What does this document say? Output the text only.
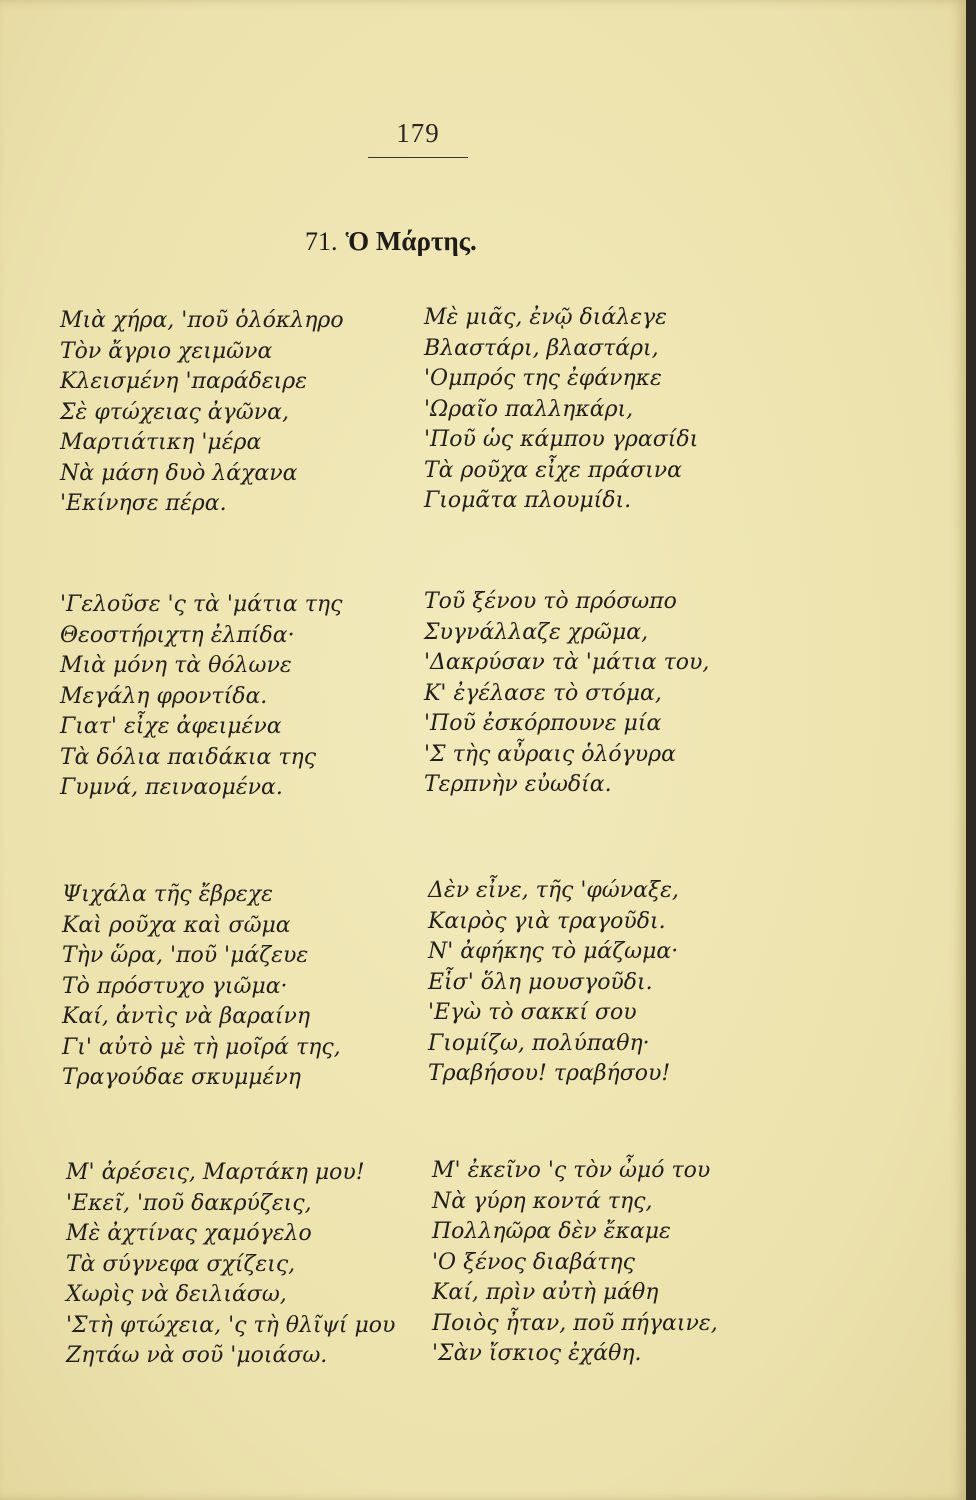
179
71. Ὁ Μάρτης.
Μιὰ χήρα, 'ποῦ ὁλόκληρο
Τὸν ἄγριο χειμῶνα
Κλεισμένη 'παράδειρε
Σὲ φτώχειας ἀγῶνα,
Μαρτιάτικη 'μέρα
Νὰ μάση δυὸ λάχανα
'Εκίνησε πέρα.
Μὲ μιᾶς, ἐνῷ διάλεγε
Βλαστάρι, βλαστάρι,
'Ομπρός της ἐφάνηκε
'Ωραῖο παλληκάρι,
'Ποῦ ὡς κάμπου γρασίδι
Τὰ ροῦχα εἶχε πράσινα
Γιομᾶτα πλουμίδι.
'Γελοῦσε 'ς τὰ 'μάτια της
Θεοστήριχτη ἐλπίδα·
Μιὰ μόνη τὰ θόλωνε
Μεγάλη φροντίδα.
Γιατ' εἶχε ἀφειμένα
Τὰ δόλια παιδάκια της
Γυμνά, πειναομένα.
Τοῦ ξένου τὸ πρόσωπο
Συγνάλλαζε χρῶμα,
'Δακρύσαν τὰ 'μάτια του,
Κ' ἐγέλασε τὸ στόμα,
'Ποῦ ἐσκόρπουνε μία
'Σ τὴς αὖραις ὁλόγυρα
Τερπνὴν εὐωδία.
Ψιχάλα τῆς ἔβρεχε
Καὶ ροῦχα καὶ σῶμα
Τὴν ὥρα, 'ποῦ 'μάζευε
Τὸ πρόστυχο γιῶμα·
Καί, ἀντὶς νὰ βαραίνη
Γι' αὐτὸ μὲ τὴ μοῖρά της,
Τραγούδαε σκυμμένη
Δὲν εἶνε, τῆς 'φώναξε,
Καιρὸς γιὰ τραγοῦδι.
Ν' ἀφήκης τὸ μάζωμα·
Εἶσ' ὅλη μουσγοῦδι.
'Εγὼ τὸ σακκί σου
Γιομίζω, πολύπαθη·
Τραβήσου! τραβήσου!
Μ' ἀρέσεις, Μαρτάκη μου!
'Εκεῖ, 'ποῦ δακρύζεις,
Μὲ ἀχτίνας χαμόγελο
Τὰ σύγνεφα σχίζεις,
Χωρὶς νὰ δειλιάσω,
'Στὴ φτώχεια, 'ς τὴ θλῖψί μου
Ζητάω νὰ σοῦ 'μοιάσω.
Μ' ἐκεῖνο 'ς τὸν ὦμό του
Νὰ γύρη κοντά της,
Πολληῶρα δὲν ἔκαμε
'Ο ξένος διαβάτης
Καί, πρὶν αὐτὴ μάθη
Ποιὸς ἦταν, ποῦ πήγαινε,
'Σὰν ἴσκιος ἐχάθη.
